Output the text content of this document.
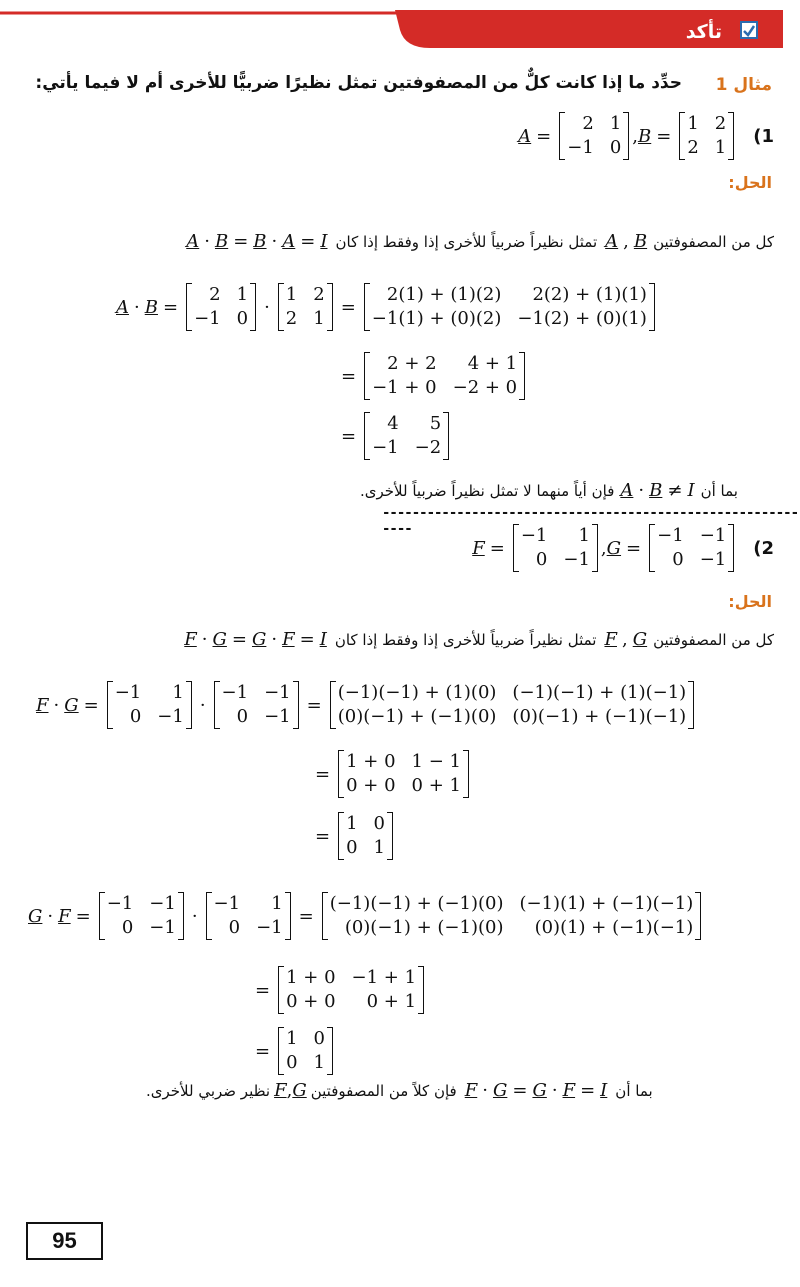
تأكد
مثال 1
حدِّد ما إذا كانت كلٌّ من المصفوفتين تمثل نظيرًا ضربيًّا للأخرى أم لا فيما يأتي:
A =
2
−1
1
0
, B =
1
2
2
1
(1
الحل:
A · B = B · A = I تمثل نظيراً ضربياً للأخرى إذا وفقط إذا كان A , B كل من المصفوفتين
A · B =
2
−1
1
0
·
1
2
2
1
=
2(1) + (1)(2)
−1(1) + (0)(2)
2(2) + (1)(1)
−1(2) + (0)(1)
=
2 + 2
−1 + 0
4 + 1
−2 + 0
=
4
−1
5
−2
فإن أياً منهما لا تمثل نظيراً ضربياً للأخرى. A · B ≠ I بما أن
------------------------------------------------------------
F =
−1
0
1
−1
, G =
−1
0
−1
−1
(2
الحل:
F · G = G · F = I تمثل نظيراً ضربياً للأخرى إذا وفقط إذا كان F , G كل من المصفوفتين
F · G =
−1
0
1
−1
·
−1
0
−1
−1
=
(−1)(−1) + (1)(0)
(0)(−1) + (−1)(0)
(−1)(−1) + (1)(−1)
(0)(−1) + (−1)(−1)
=
1 + 0
0 + 0
1 − 1
0 + 1
=
1
0
0
1
G · F =
−1
0
−1
−1
·
−1
0
1
−1
=
(−1)(−1) + (−1)(0)
(0)(−1) + (−1)(0)
(−1)(1) + (−1)(−1)
(0)(1) + (−1)(−1)
=
1 + 0
0 + 0
−1 + 1
0 + 1
=
1
0
0
1
نظير ضربي للأخرى. F , G فإن كلاً من المصفوفتين F · G = G · F = I بما أن
95
